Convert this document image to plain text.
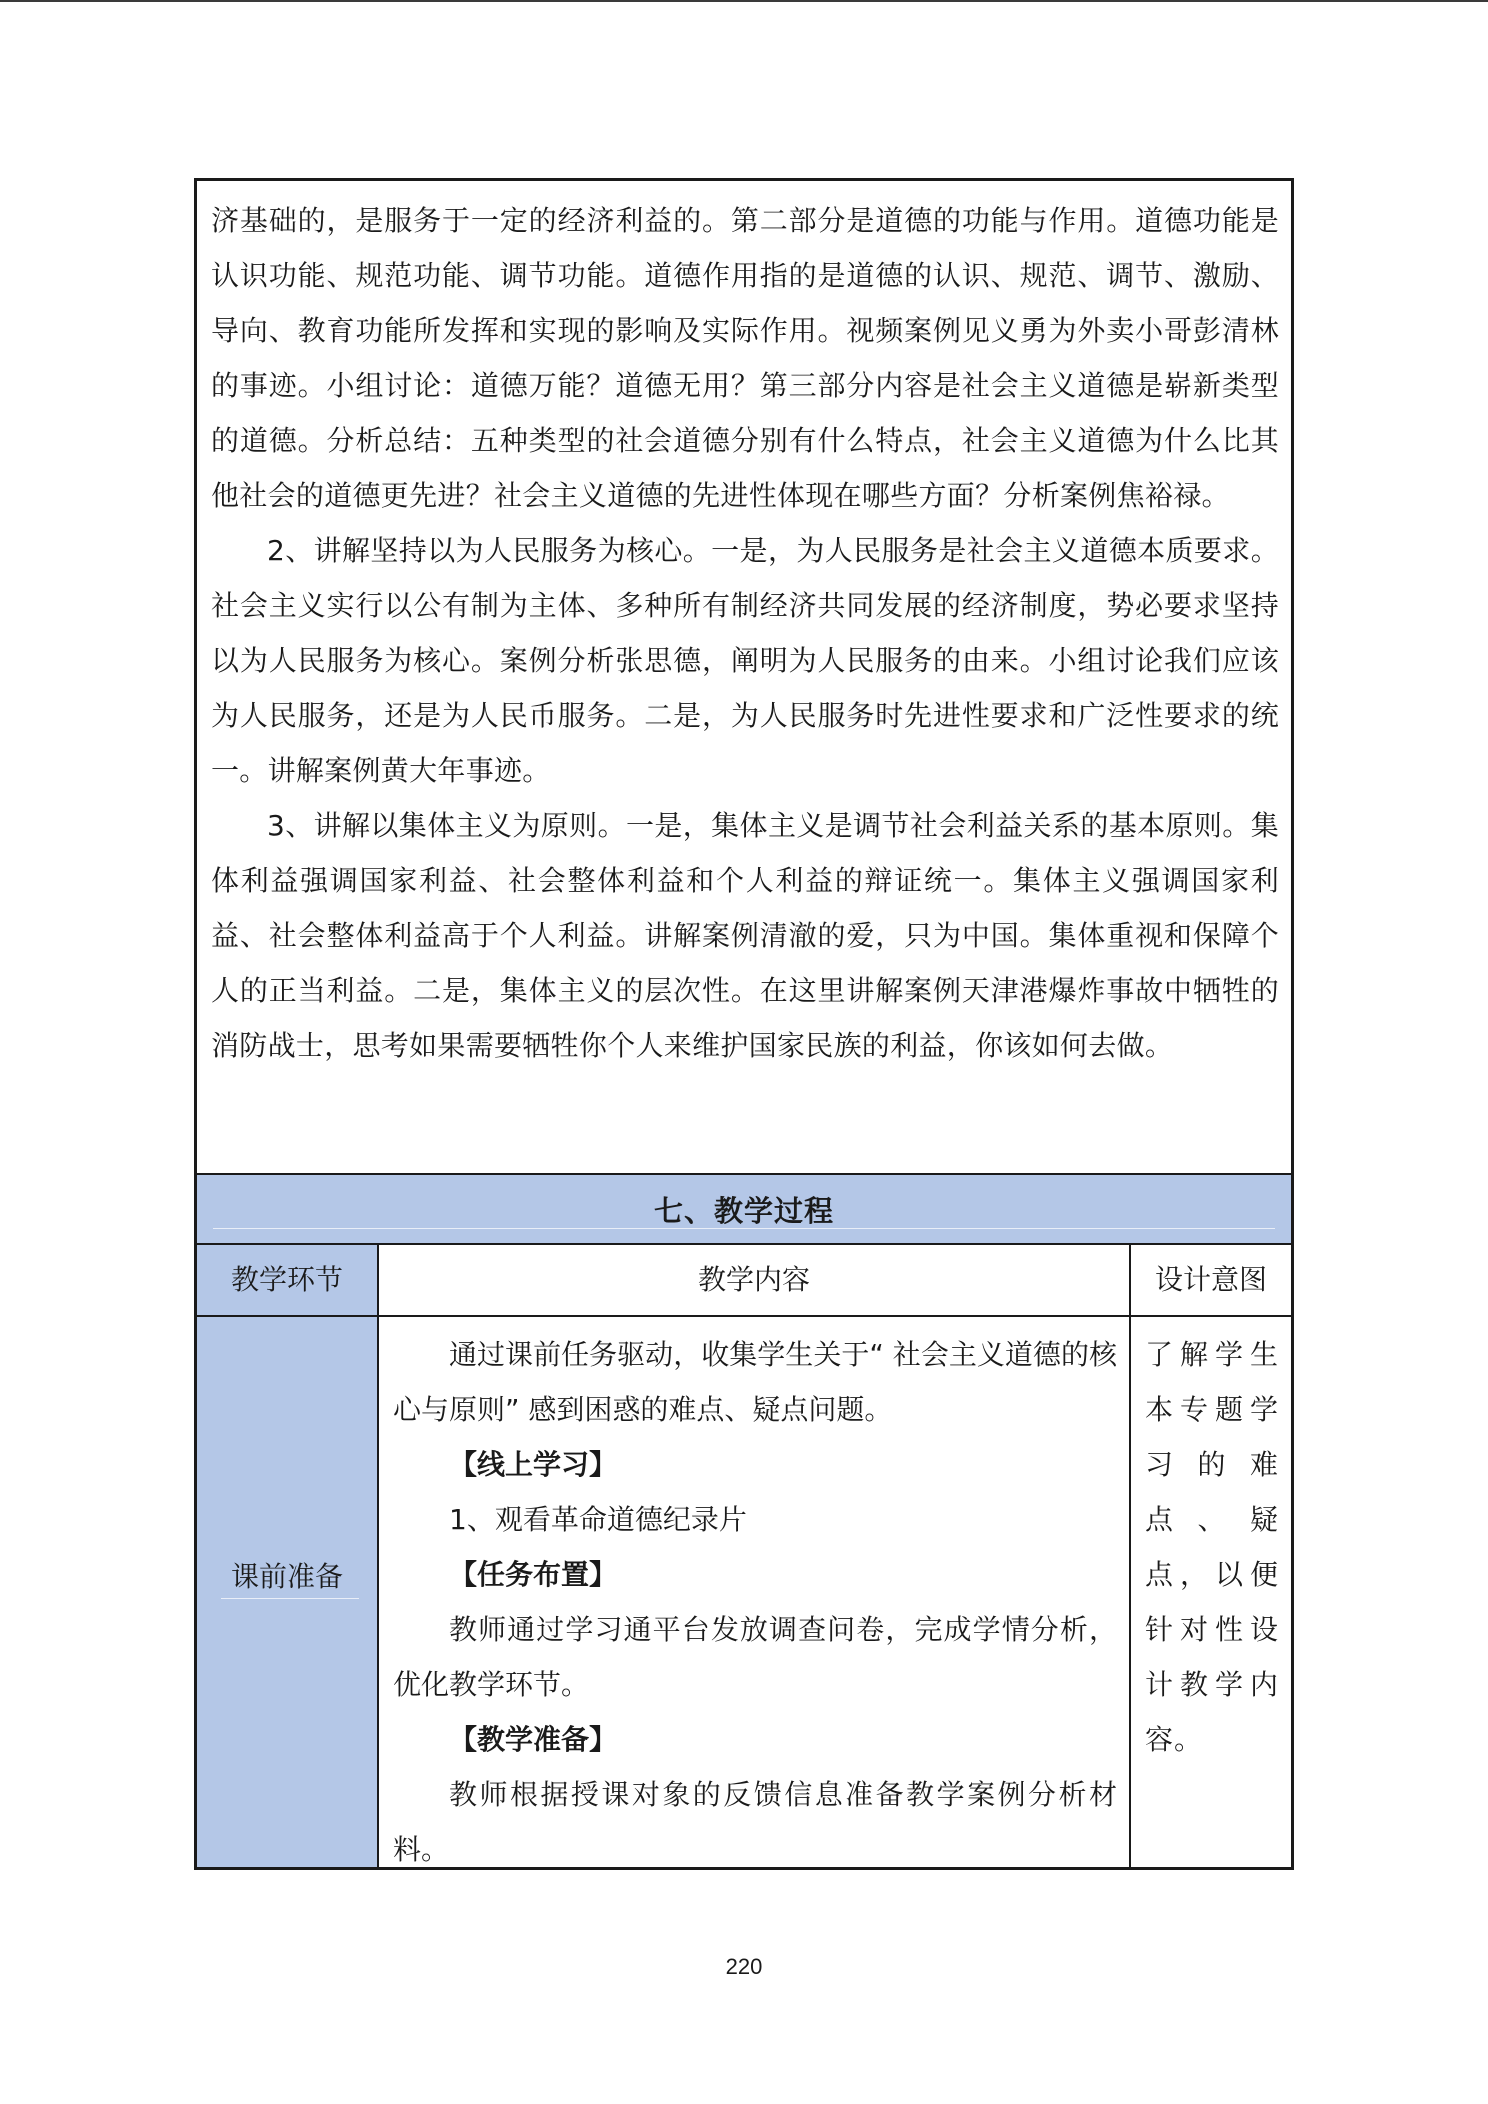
济基础的，是服务于一定的经济利益的。第二部分是道德的功能与作用。道德功能是认识功能、规范功能、调节功能。道德作用指的是道德的认识、规范、调节、激励、导向、教育功能所发挥和实现的影响及实际作用。视频案例见义勇为外卖小哥彭清林的事迹。小组讨论：道德万能？道德无用？第三部分内容是社会主义道德是崭新类型的道德。分析总结：五种类型的社会道德分别有什么特点，社会主义道德为什么比其他社会的道德更先进？社会主义道德的先进性体现在哪些方面？分析案例焦裕禄。

2、讲解坚持以为人民服务为核心。一是，为人民服务是社会主义道德本质要求。社会主义实行以公有制为主体、多种所有制经济共同发展的经济制度，势必要求坚持以为人民服务为核心。案例分析张思德，阐明为人民服务的由来。小组讨论我们应该为人民服务，还是为人民币服务。二是，为人民服务时先进性要求和广泛性要求的统一。讲解案例黄大年事迹。

3、讲解以集体主义为原则。一是，集体主义是调节社会利益关系的基本原则。集体利益强调国家利益、社会整体利益和个人利益的辩证统一。集体主义强调国家利益、社会整体利益高于个人利益。讲解案例清澈的爱，只为中国。集体重视和保障个人的正当利益。二是，集体主义的层次性。在这里讲解案例天津港爆炸事故中牺牲的消防战士，思考如果需要牺牲你个人来维护国家民族的利益，你该如何去做。

七、教学过程
教学环节	教学内容	设计意图
课前准备

通过课前任务驱动，收集学生关于“ 社会主义道德的核心与原则” 感到困惑的难点、疑点问题。

【线上学习】

1、观看革命道德纪录片

【任务布置】

教师通过学习通平台发放调查问卷，完成学情分析，优化教学环节。

【教学准备】

教师根据授课对象的反馈信息准备教学案例分析材料。

了解学生本专题学习的难点、疑点，以便针对性设计教学内容。

220
